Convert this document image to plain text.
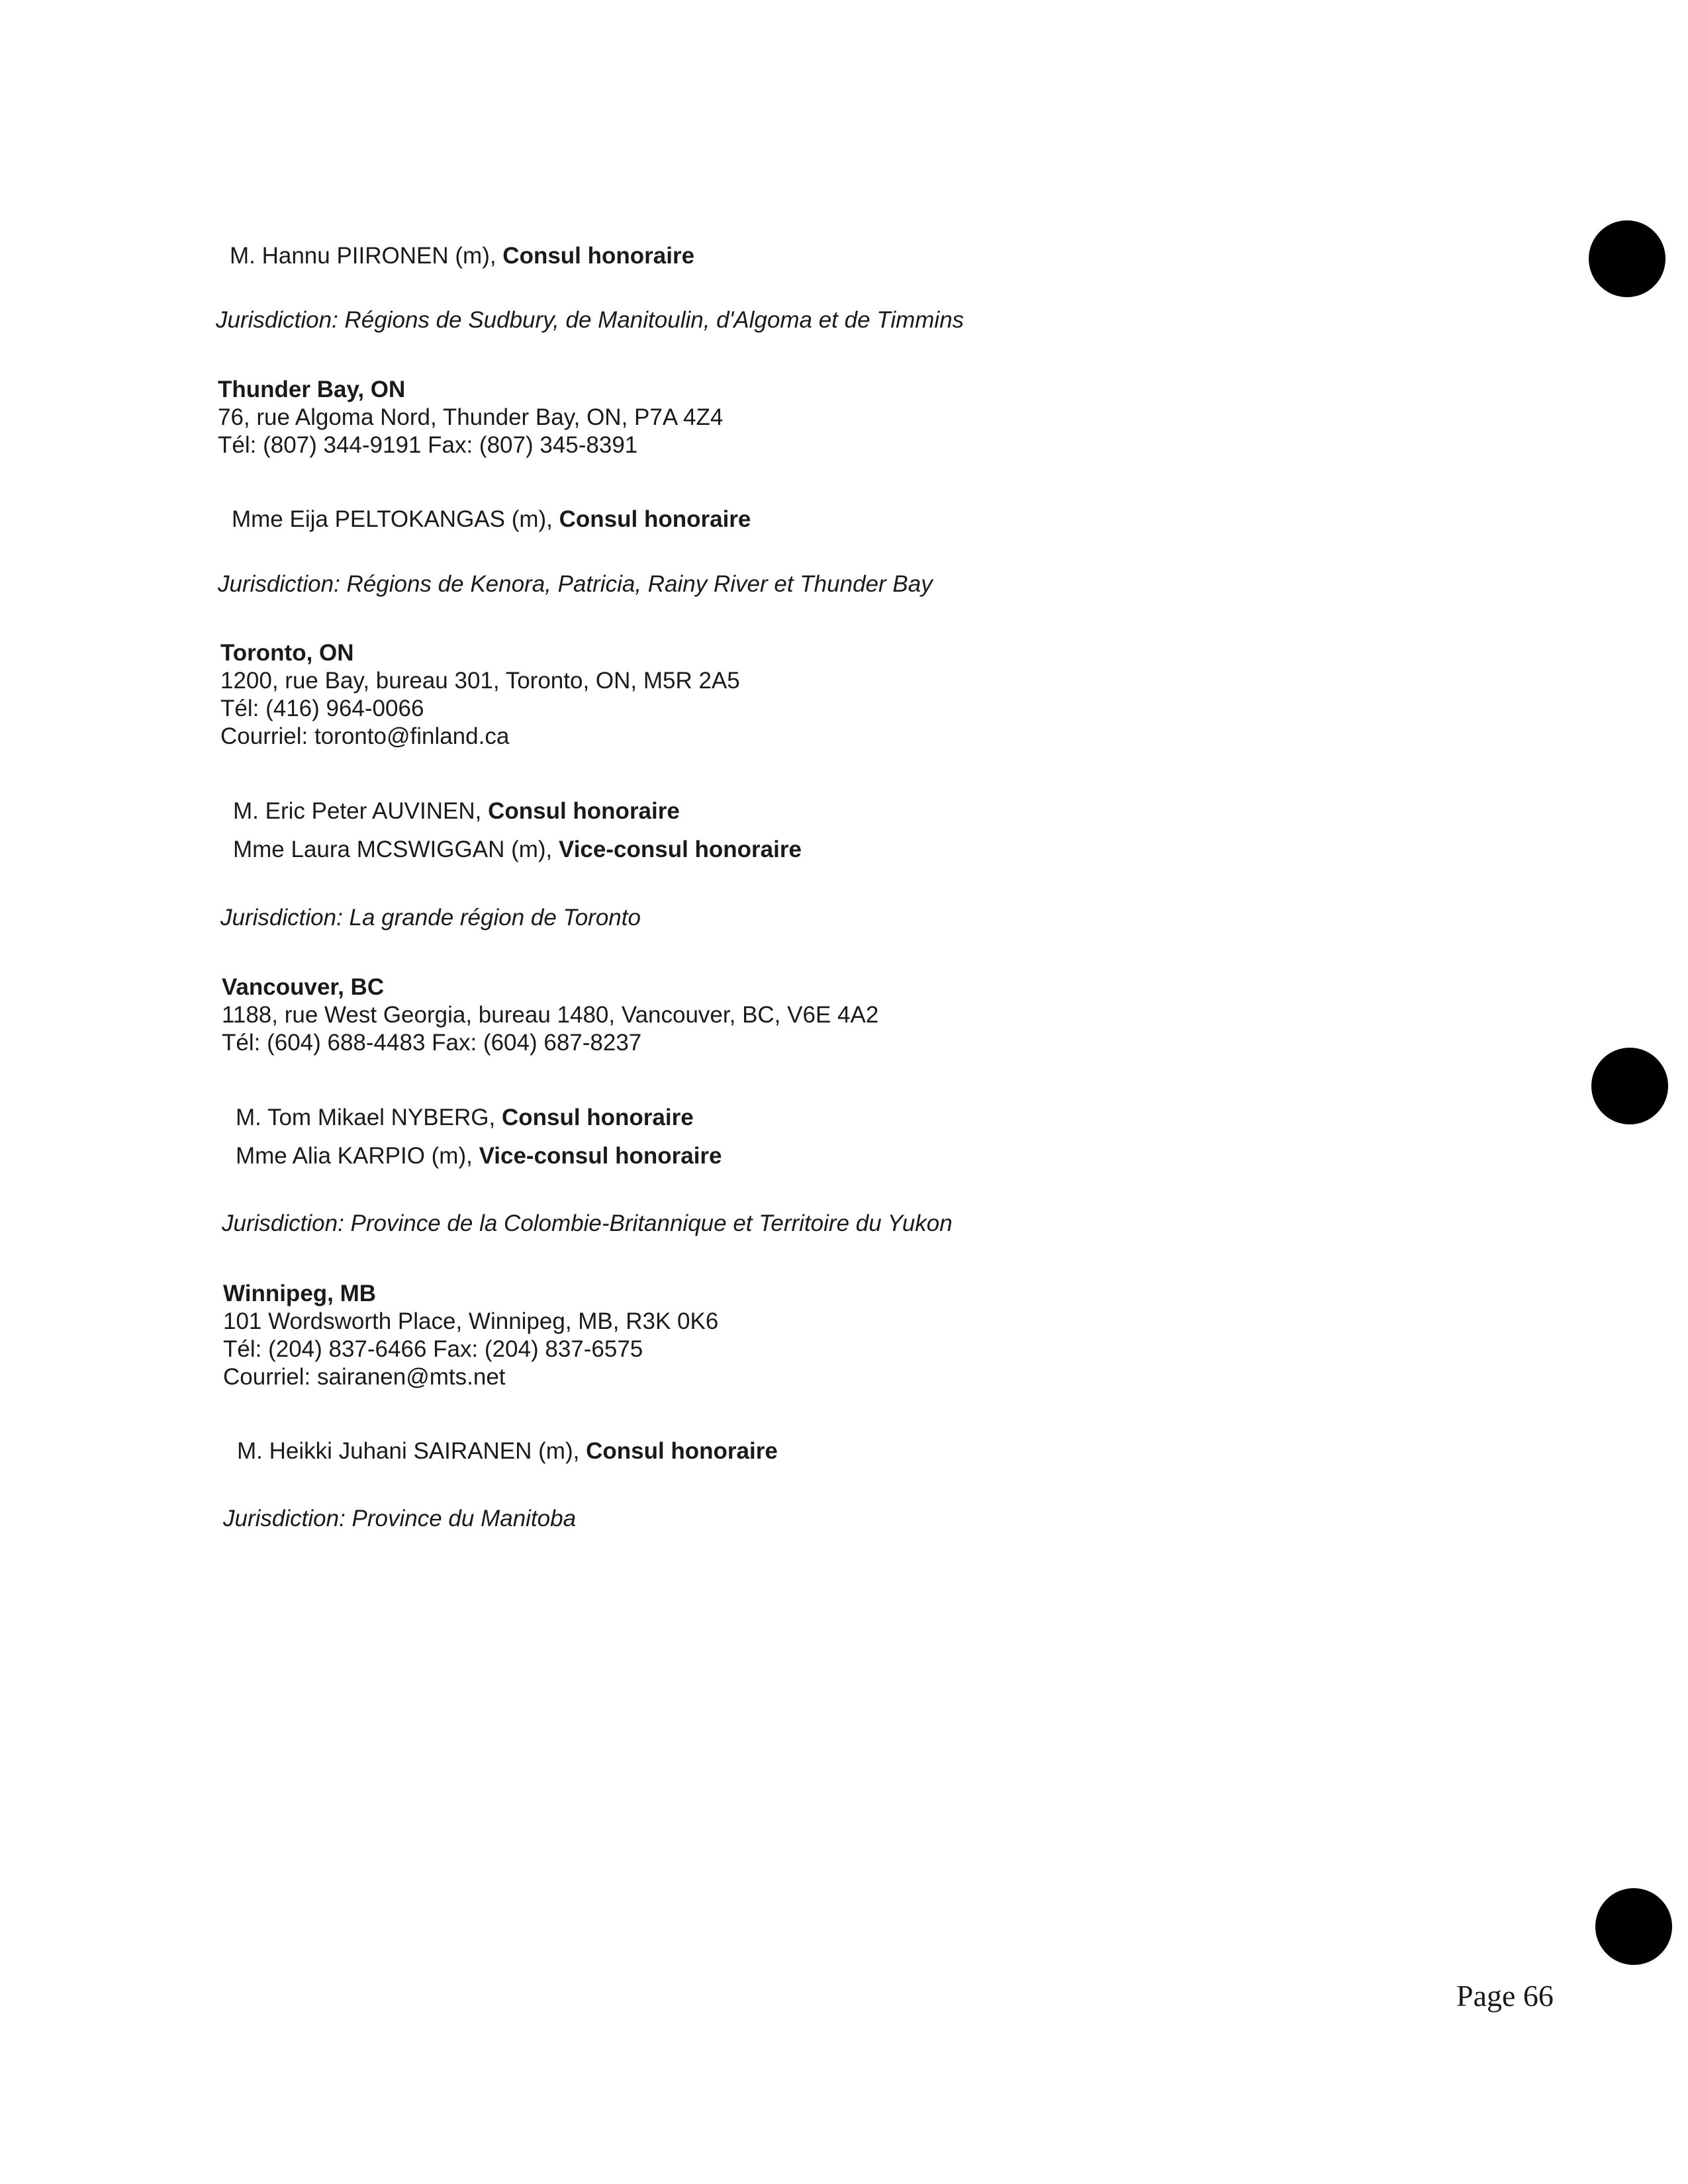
M. Hannu PIIRONEN (m), Consul honoraire
Jurisdiction: Régions de Sudbury, de Manitoulin, d'Algoma et de Timmins
Thunder Bay, ON
76, rue Algoma Nord, Thunder Bay, ON, P7A 4Z4
Tél: (807) 344-9191 Fax: (807) 345-8391
Mme Eija PELTOKANGAS (m), Consul honoraire
Jurisdiction: Régions de Kenora, Patricia, Rainy River et Thunder Bay
Toronto, ON
1200, rue Bay, bureau 301, Toronto, ON, M5R 2A5
Tél: (416) 964-0066
Courriel: toronto@finland.ca
M. Eric Peter AUVINEN, Consul honoraire
Mme Laura MCSWIGGAN (m), Vice-consul honoraire
Jurisdiction: La grande région de Toronto
Vancouver, BC
1188, rue West Georgia, bureau 1480, Vancouver, BC, V6E 4A2
Tél: (604) 688-4483 Fax: (604) 687-8237
M. Tom Mikael NYBERG, Consul honoraire
Mme Alia KARPIO (m), Vice-consul honoraire
Jurisdiction: Province de la Colombie-Britannique et Territoire du Yukon
Winnipeg, MB
101 Wordsworth Place, Winnipeg, MB, R3K 0K6
Tél: (204) 837-6466 Fax: (204) 837-6575
Courriel: sairanen@mts.net
M. Heikki Juhani SAIRANEN (m), Consul honoraire
Jurisdiction: Province du Manitoba
Page 66
